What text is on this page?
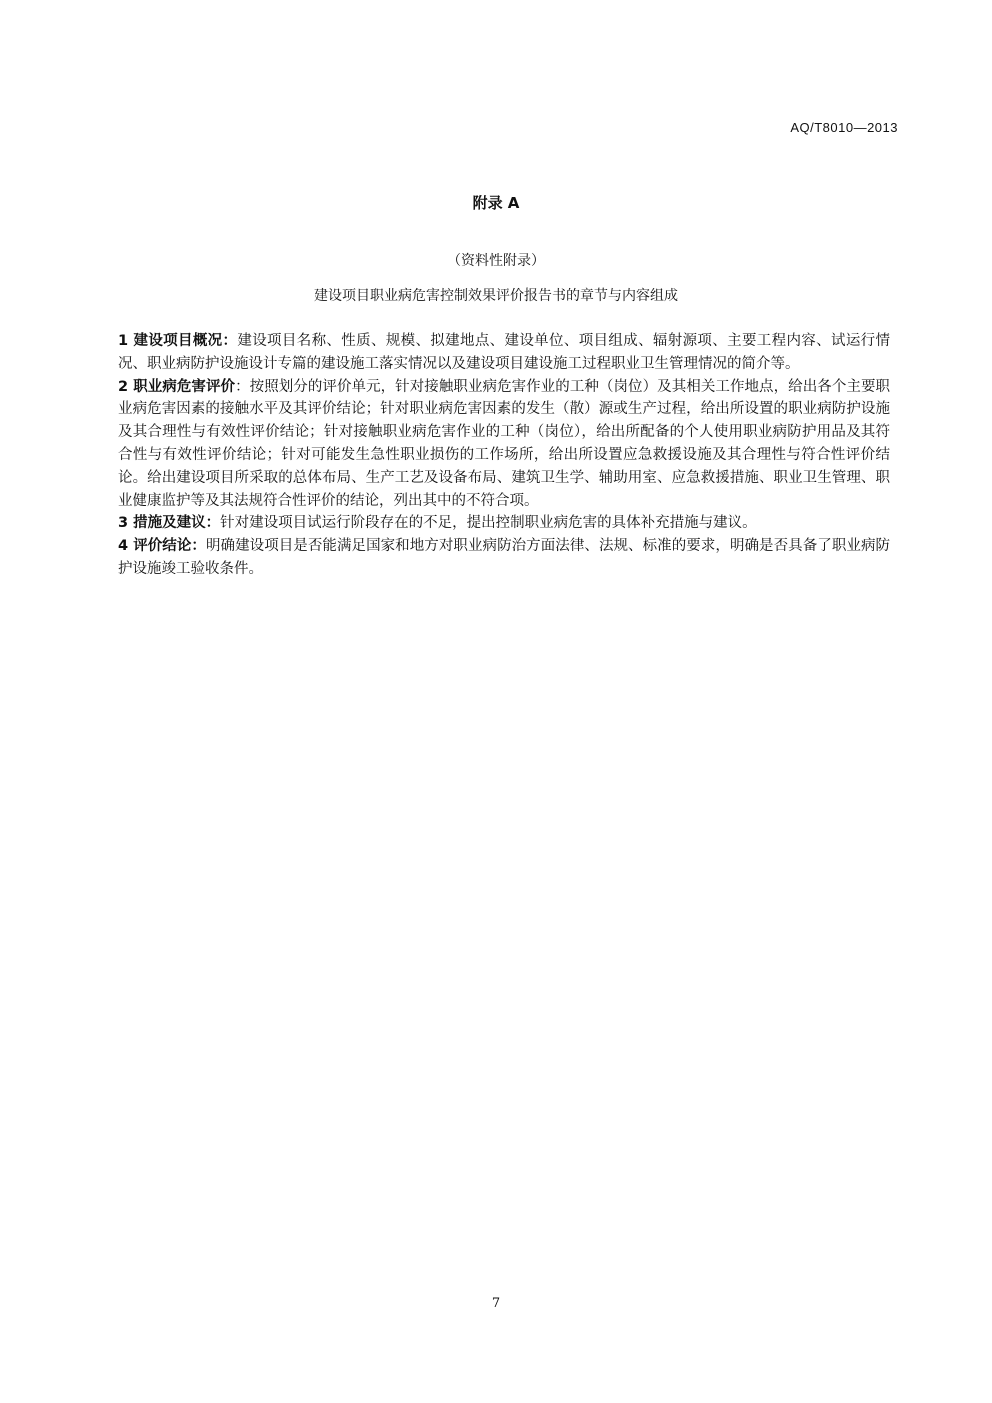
AQ/T8010—2013
附录 A
（资料性附录）
建设项目职业病危害控制效果评价报告书的章节与内容组成

1 建设项目概况：建设项目名称、性质、规模、拟建地点、建设单位、项目组成、辐射源项、主要工程内容、试运行情况、职业病防护设施设计专篇的建设施工落实情况以及建设项目建设施工过程职业卫生管理情况的简介等。

2 职业病危害评价：按照划分的评价单元，针对接触职业病危害作业的工种（岗位）及其相关工作地点，给出各个主要职业病危害因素的接触水平及其评价结论；针对职业病危害因素的发生（散）源或生产过程，给出所设置的职业病防护设施及其合理性与有效性评价结论；针对接触职业病危害作业的工种（岗位），给出所配备的个人使用职业病防护用品及其符合性与有效性评价结论；针对可能发生急性职业损伤的工作场所，给出所设置应急救援设施及其合理性与符合性评价结论。给出建设项目所采取的总体布局、生产工艺及设备布局、建筑卫生学、辅助用室、应急救援措施、职业卫生管理、职业健康监护等及其法规符合性评价的结论，列出其中的不符合项。

3 措施及建议：针对建设项目试运行阶段存在的不足，提出控制职业病危害的具体补充措施与建议。

4 评价结论：明确建设项目是否能满足国家和地方对职业病防治方面法律、法规、标准的要求，明确是否具备了职业病防护设施竣工验收条件。

7
